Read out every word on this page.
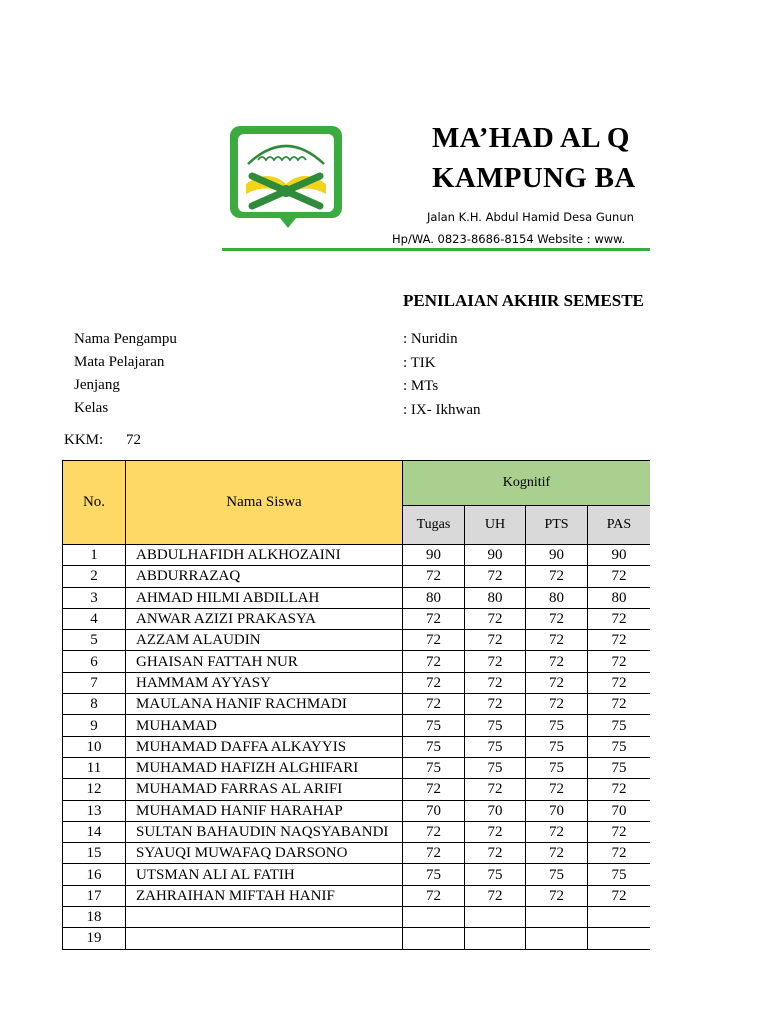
MA’HAD AL Q
KAMPUNG BA
Jalan K.H. Abdul Hamid Desa Gunun
Hp/WA. 0823-8686-8154 Website : www.
PENILAIAN AKHIR SEMESTE
Nama Pengampu	: Nuridin
Mata Pelajaran	: TIK
Jenjang	: MTs
Kelas	: IX- Ikhwan
KKM: 72
No.	Nama Siswa	Kognitif			
		Tugas	UH	PTS	PAS
1	ABDULHAFIDH ALKHOZAINI	90	90	90	90
2	ABDURRAZAQ	72	72	72	72
3	AHMAD HILMI ABDILLAH	80	80	80	80
4	ANWAR AZIZI PRAKASYA	72	72	72	72
5	AZZAM ALAUDIN	72	72	72	72
6	GHAISAN FATTAH NUR	72	72	72	72
7	HAMMAM AYYASY	72	72	72	72
8	MAULANA HANIF RACHMADI	72	72	72	72
9	MUHAMAD	75	75	75	75
10	MUHAMAD DAFFA ALKAYYIS	75	75	75	75
11	MUHAMAD HAFIZH ALGHIFARI	75	75	75	75
12	MUHAMAD FARRAS AL ARIFI	72	72	72	72
13	MUHAMAD HANIF HARAHAP	70	70	70	70
14	SULTAN BAHAUDIN NAQSYABANDI	72	72	72	72
15	SYAUQI MUWAFAQ DARSONO	72	72	72	72
16	UTSMAN ALI AL FATIH	75	75	75	75
17	ZAHRAIHAN MIFTAH HANIF	72	72	72	72
18					
19					
